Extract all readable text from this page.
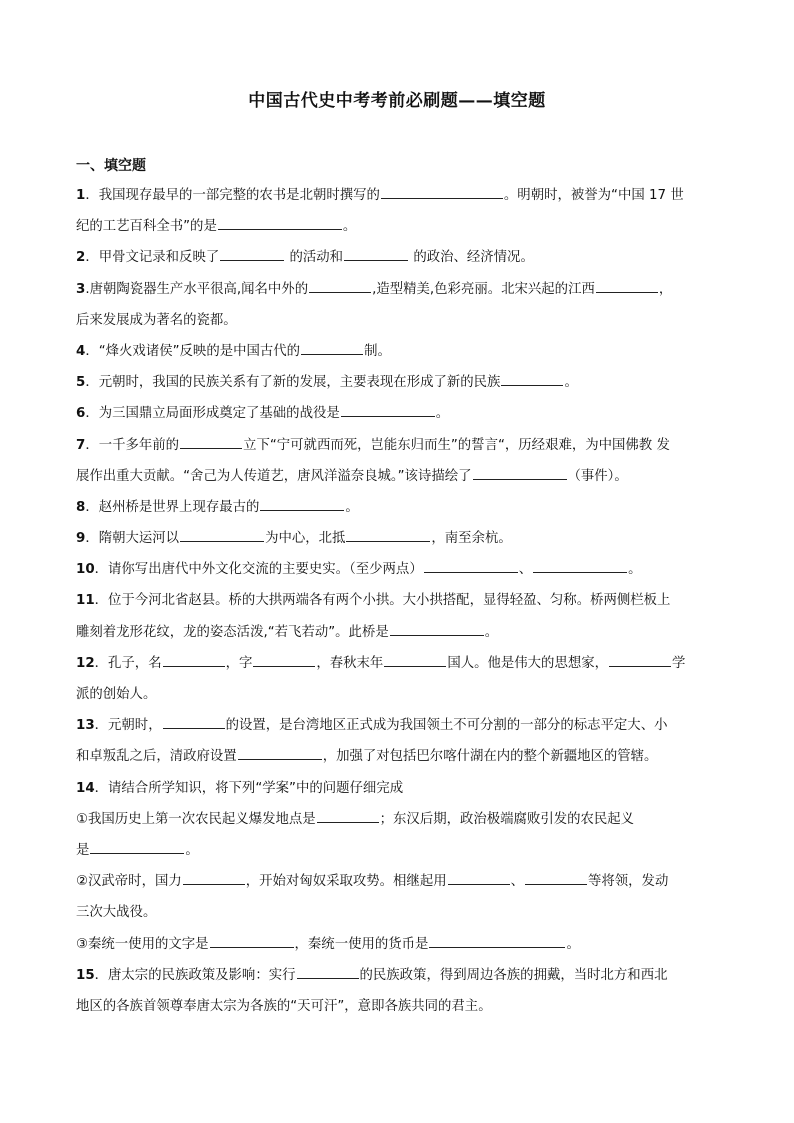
中国古代史中考考前必刷题——填空题
一、填空题
1．我国现存最早的一部完整的农书是北朝时撰写的	。明朝时，被誉为“中国 17 世
纪的工艺百科全书”的是	。
2．甲骨文记录和反映了	的活动和	的政治、经济情况。
3.唐朝陶瓷器生产水平很高,闻名中外的	,造型精美,色彩亮丽。北宋兴起的江西	，
后来发展成为著名的瓷都。
4．“烽火戏诸侯”反映的是中国古代的	制。
5．元朝时，我国的民族关系有了新的发展，主要表现在形成了新的民族	。
6．为三国鼎立局面形成奠定了基础的战役是	。
7．一千多年前的	立下“宁可就西而死，岂能东归而生”的誓言“，历经艰难，为中国佛教 发
展作出重大贡献。“舍己为人传道艺，唐风洋溢奈良城。”该诗描绘了	（事件）。
8．赵州桥是世界上现存最古的	。
9．隋朝大运河以	为中心，北抵	，南至余杭。
10．请你写出唐代中外文化交流的主要史实。（至少两点）	、	。
11．位于今河北省赵县。桥的大拱两端各有两个小拱。大小拱搭配，显得轻盈、匀称。桥两侧栏板上
雕刻着龙形花纹，龙的姿态活泼,“若飞若动”。此桥是	。
12．孔子，名	，字	，春秋末年	国人。他是伟大的思想家，	学
派的创始人。
13．元朝时，	的设置，是台湾地区正式成为我国领土不可分割的一部分的标志平定大、小
和卓叛乱之后，清政府设置	，加强了对包括巴尔喀什湖在内的整个新疆地区的管辖。
14．请结合所学知识，将下列“学案”中的问题仔细完成
①我国历史上第一次农民起义爆发地点是	；东汉后期，政治极端腐败引发的农民起义
是	。
②汉武帝时，国力	，开始对匈奴采取攻势。相继起用	、	等将领，发动
三次大战役。
③秦统一使用的文字是	，秦统一使用的货币是	。
15．唐太宗的民族政策及影响：实行	的民族政策，得到周边各族的拥戴，当时北方和西北
地区的各族首领尊奉唐太宗为各族的“天可汗”，意即各族共同的君主。
